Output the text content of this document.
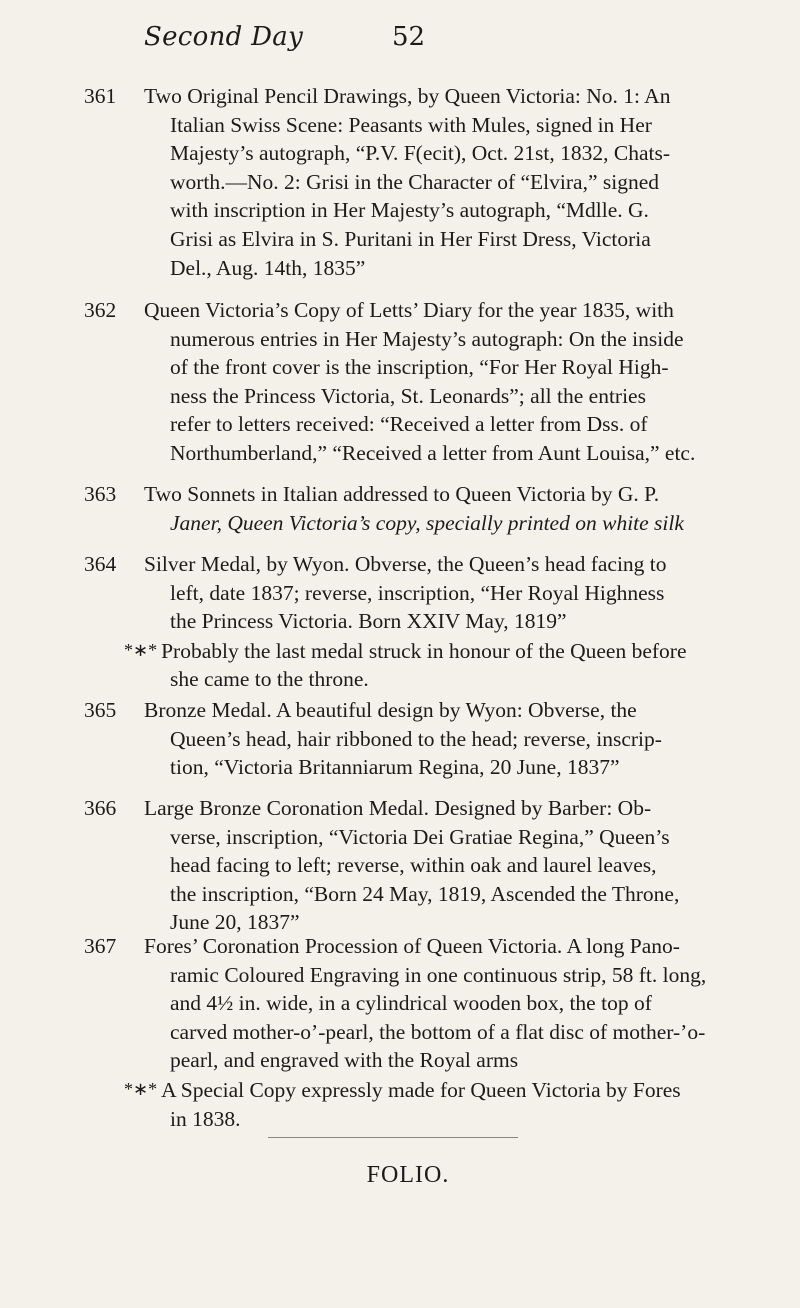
Second Day	52
361	Two Original Pencil Drawings, by Queen Victoria: No. 1: An
Italian Swiss Scene: Peasants with Mules, signed in Her
Majesty’s autograph, “P.V. F(ecit), Oct. 21st, 1832, Chats-
worth.—No. 2: Grisi in the Character of “Elvira,” signed
with inscription in Her Majesty’s autograph, “Mdlle. G.
Grisi as Elvira in S. Puritani in Her First Dress, Victoria
Del., Aug. 14th, 1835”
362	Queen Victoria’s Copy of Letts’ Diary for the year 1835, with
numerous entries in Her Majesty’s autograph: On the inside
of the front cover is the inscription, “For Her Royal High-
ness the Princess Victoria, St. Leonards”; all the entries
refer to letters received: “Received a letter from Dss. of
Northumberland,” “Received a letter from Aunt Louisa,” etc.
363	Two Sonnets in Italian addressed to Queen Victoria by G. P.
Janer, Queen Victoria’s copy, specially printed on white silk
364	Silver Medal, by Wyon. Obverse, the Queen’s head facing to
left, date 1837; reverse, inscription, “Her Royal Highness
the Princess Victoria. Born XXIV May, 1819”
*∗* Probably the last medal struck in honour of the Queen before
she came to the throne.
365	Bronze Medal. A beautiful design by Wyon: Obverse, the
Queen’s head, hair ribboned to the head; reverse, inscrip-
tion, “Victoria Britanniarum Regina, 20 June, 1837”
366	Large Bronze Coronation Medal. Designed by Barber: Ob-
verse, inscription, “Victoria Dei Gratiae Regina,” Queen’s
head facing to left; reverse, within oak and laurel leaves,
the inscription, “Born 24 May, 1819, Ascended the Throne,
June 20, 1837”
367	Fores’ Coronation Procession of Queen Victoria. A long Pano-
ramic Coloured Engraving in one continuous strip, 58 ft. long,
and 4½ in. wide, in a cylindrical wooden box, the top of
carved mother-o’-pearl, the bottom of a flat disc of mother-’o-
pearl, and engraved with the Royal arms
*∗* A Special Copy expressly made for Queen Victoria by Fores
in 1838.
FOLIO.
